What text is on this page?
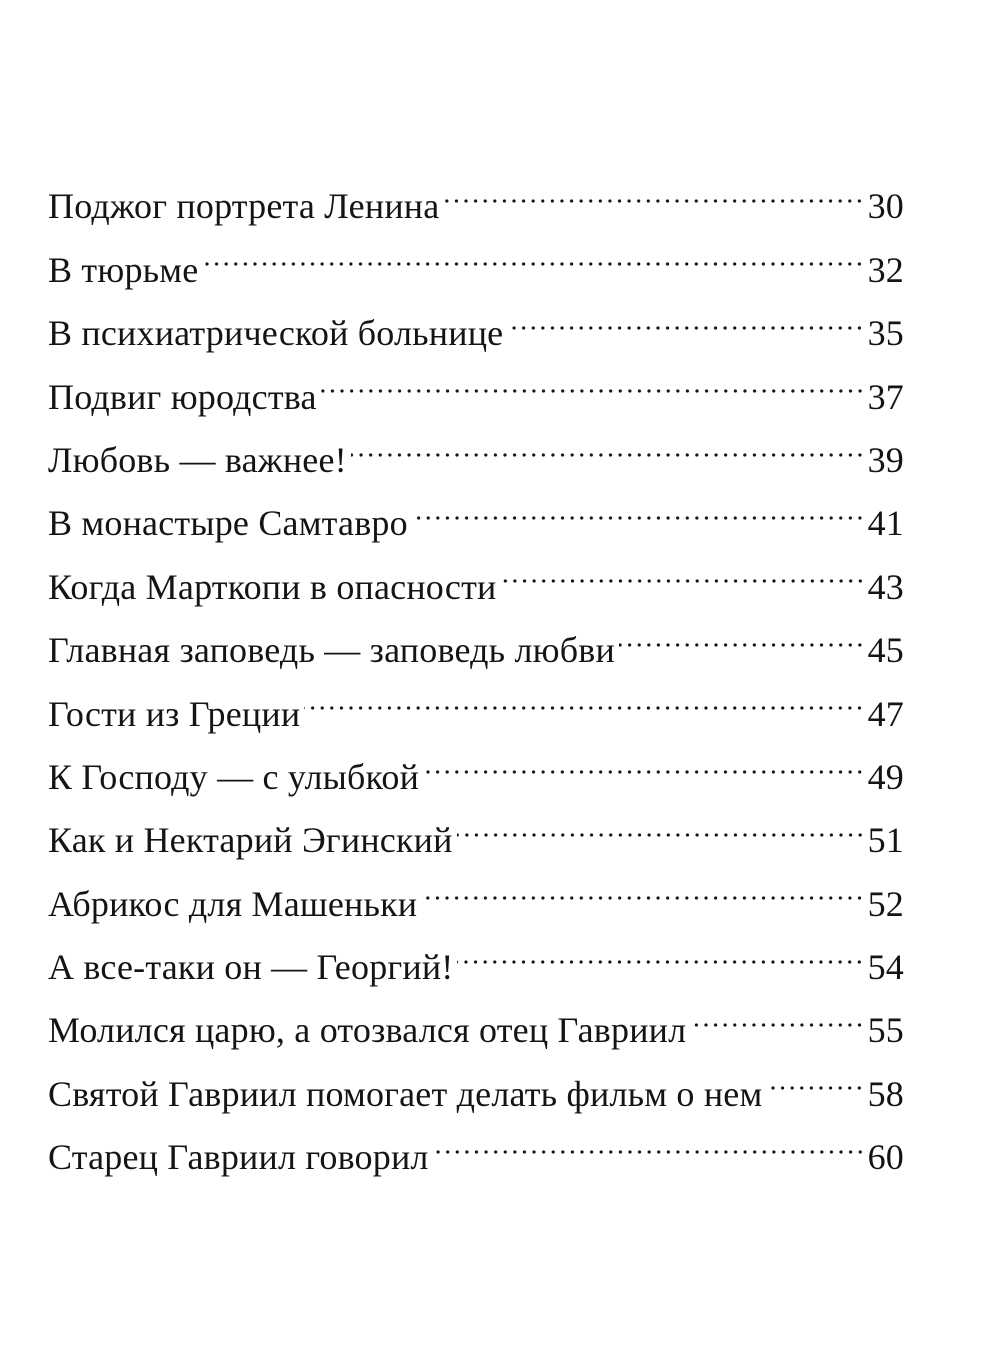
Поджог портрета Ленина	30
В тюрьме	32
В психиатрической больнице	35
Подвиг юродства	37
Любовь — важнее!	39
В монастыре Самтавро	41
Когда Марткопи в опасности	43
Главная заповедь — заповедь любви	45
Гости из Греции	47
К Господу — с улыбкой	49
Как и Нектарий Эгинский	51
Абрикос для Машеньки	52
А все-таки он — Георгий!	54
Молился царю, а отозвался отец Гавриил	55
Святой Гавриил помогает делать фильм о нем	58
Старец Гавриил говорил	60
